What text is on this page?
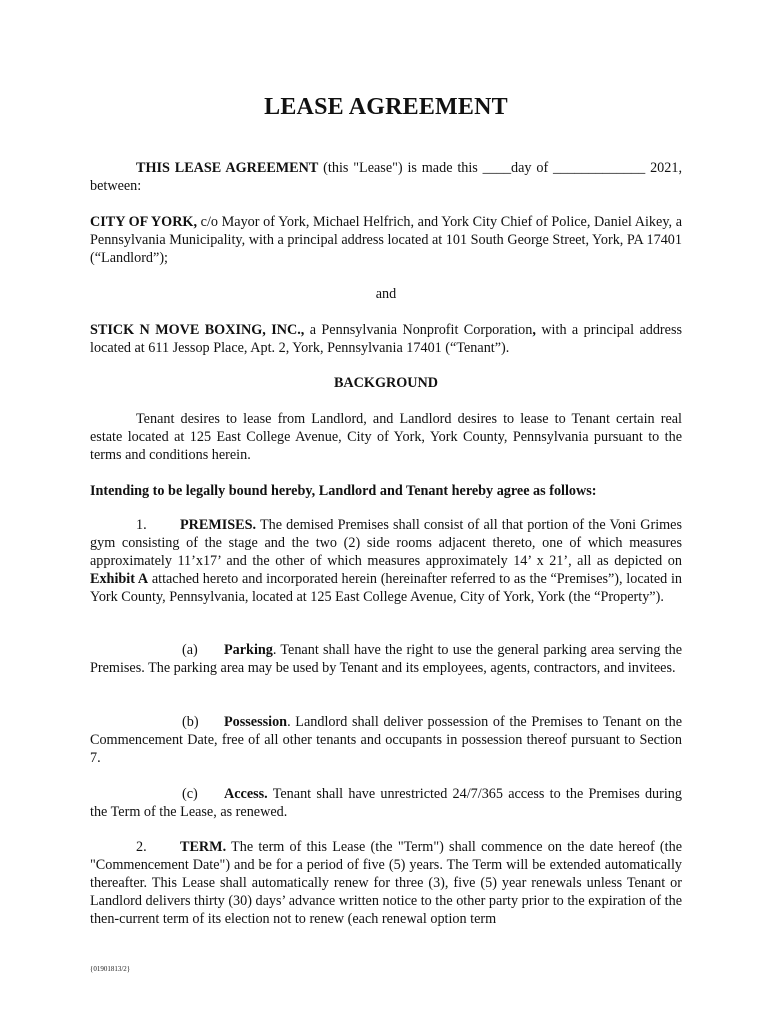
LEASE AGREEMENT

THIS LEASE AGREEMENT (this "Lease") is made this ____day of _____________ 2021, between:

CITY OF YORK, c/o Mayor of York, Michael Helfrich, and York City Chief of Police, Daniel Aikey, a Pennsylvania Municipality, with a principal address located at 101 South George Street, York, PA 17401 (“Landlord”);

and

STICK N MOVE BOXING, INC., a Pennsylvania Nonprofit Corporation, with a principal address located at 611 Jessop Place, Apt. 2, York, Pennsylvania 17401 (“Tenant”).

BACKGROUND

Tenant desires to lease from Landlord, and Landlord desires to lease to Tenant certain real estate located at 125 East College Avenue, City of York, York County, Pennsylvania pursuant to the terms and conditions herein.

Intending to be legally bound hereby, Landlord and Tenant hereby agree as follows:

1. PREMISES. The demised Premises shall consist of all that portion of the Voni Grimes gym consisting of the stage and the two (2) side rooms adjacent thereto, one of which measures approximately 11’x17’ and the other of which measures approximately 14’ x 21’, all as depicted on Exhibit A attached hereto and incorporated herein (hereinafter referred to as the “Premises”), located in York County, Pennsylvania, located at 125 East College Avenue, City of York, York (the “Property”).

(a) Parking. Tenant shall have the right to use the general parking area serving the Premises. The parking area may be used by Tenant and its employees, agents, contractors, and invitees.

(b) Possession. Landlord shall deliver possession of the Premises to Tenant on the Commencement Date, free of all other tenants and occupants in possession thereof pursuant to Section 7.

(c) Access. Tenant shall have unrestricted 24/7/365 access to the Premises during the Term of the Lease, as renewed.

2. TERM. The term of this Lease (the "Term") shall commence on the date hereof (the "Commencement Date") and be for a period of five (5) years. The Term will be extended automatically thereafter. This Lease shall automatically renew for three (3), five (5) year renewals unless Tenant or Landlord delivers thirty (30) days’ advance written notice to the other party prior to the expiration of the then-current term of its election not to renew (each renewal option term

{01901813/2}
